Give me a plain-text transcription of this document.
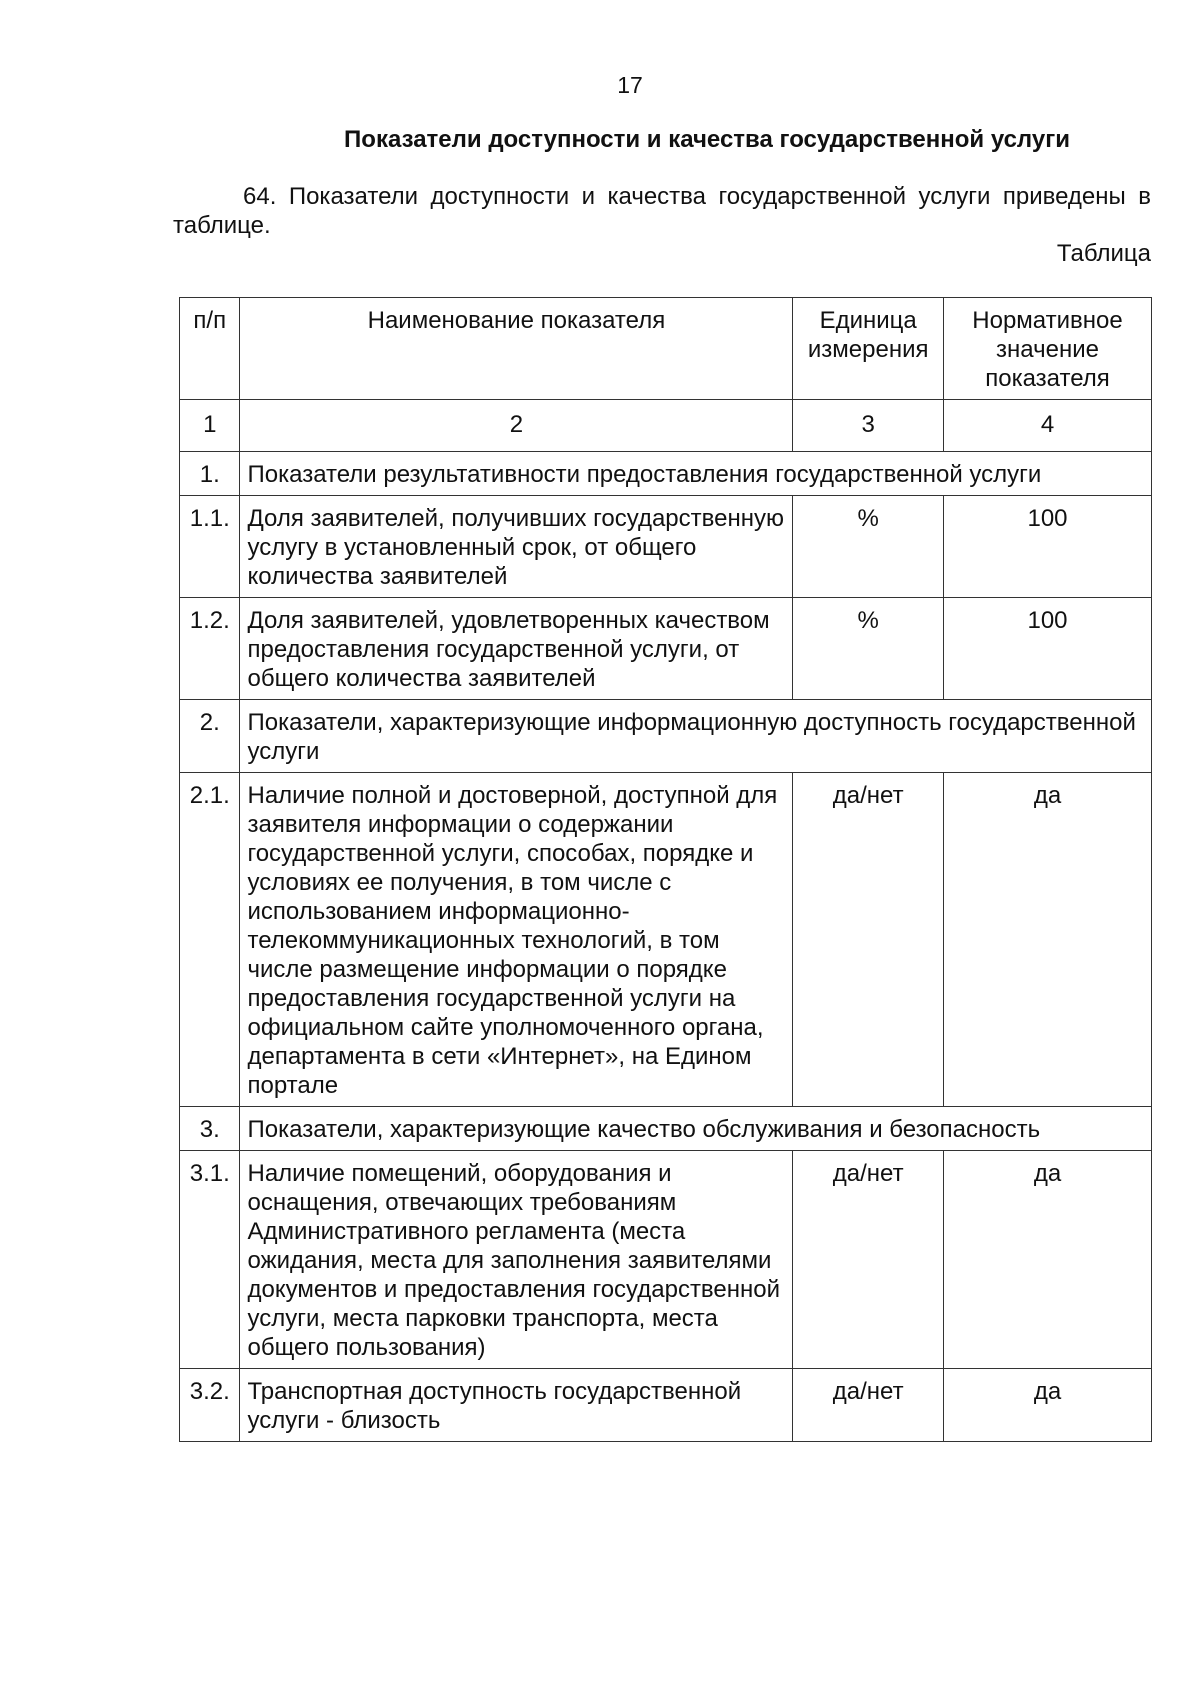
17
Показатели доступности и качества государственной услуги
64. Показатели доступности и качества государственной услуги приведены в таблице.
Таблица
п/п	Наименование показателя	Единица измерения	Нормативное значение показателя
1	2	3	4
1.	Показатели результативности предоставления государственной услуги		
1.1.	Доля заявителей, получивших государственную услугу в установленный срок, от общего количества заявителей	%	100
1.2.	Доля заявителей, удовлетворенных качеством предоставления государственной услуги, от общего количества заявителей	%	100
2.	Показатели, характеризующие информационную доступность государственной услуги		
2.1.	Наличие полной и достоверной, доступной для заявителя информации о содержании государственной услуги, способах, порядке и условиях ее получения, в том числе с использованием информационно-телекоммуникационных технологий, в том числе размещение информации о порядке предоставления государственной услуги на официальном сайте уполномоченного органа, департамента в сети «Интернет», на Едином портале	да/нет	да
3.	Показатели, характеризующие качество обслуживания и безопасность		
3.1.	Наличие помещений, оборудования и оснащения, отвечающих требованиям Административного регламента (места ожидания, места для заполнения заявителями документов и предоставления государственной услуги, места парковки транспорта, места общего пользования)	да/нет	да
3.2.	Транспортная доступность государственной услуги - близость	да/нет	да
